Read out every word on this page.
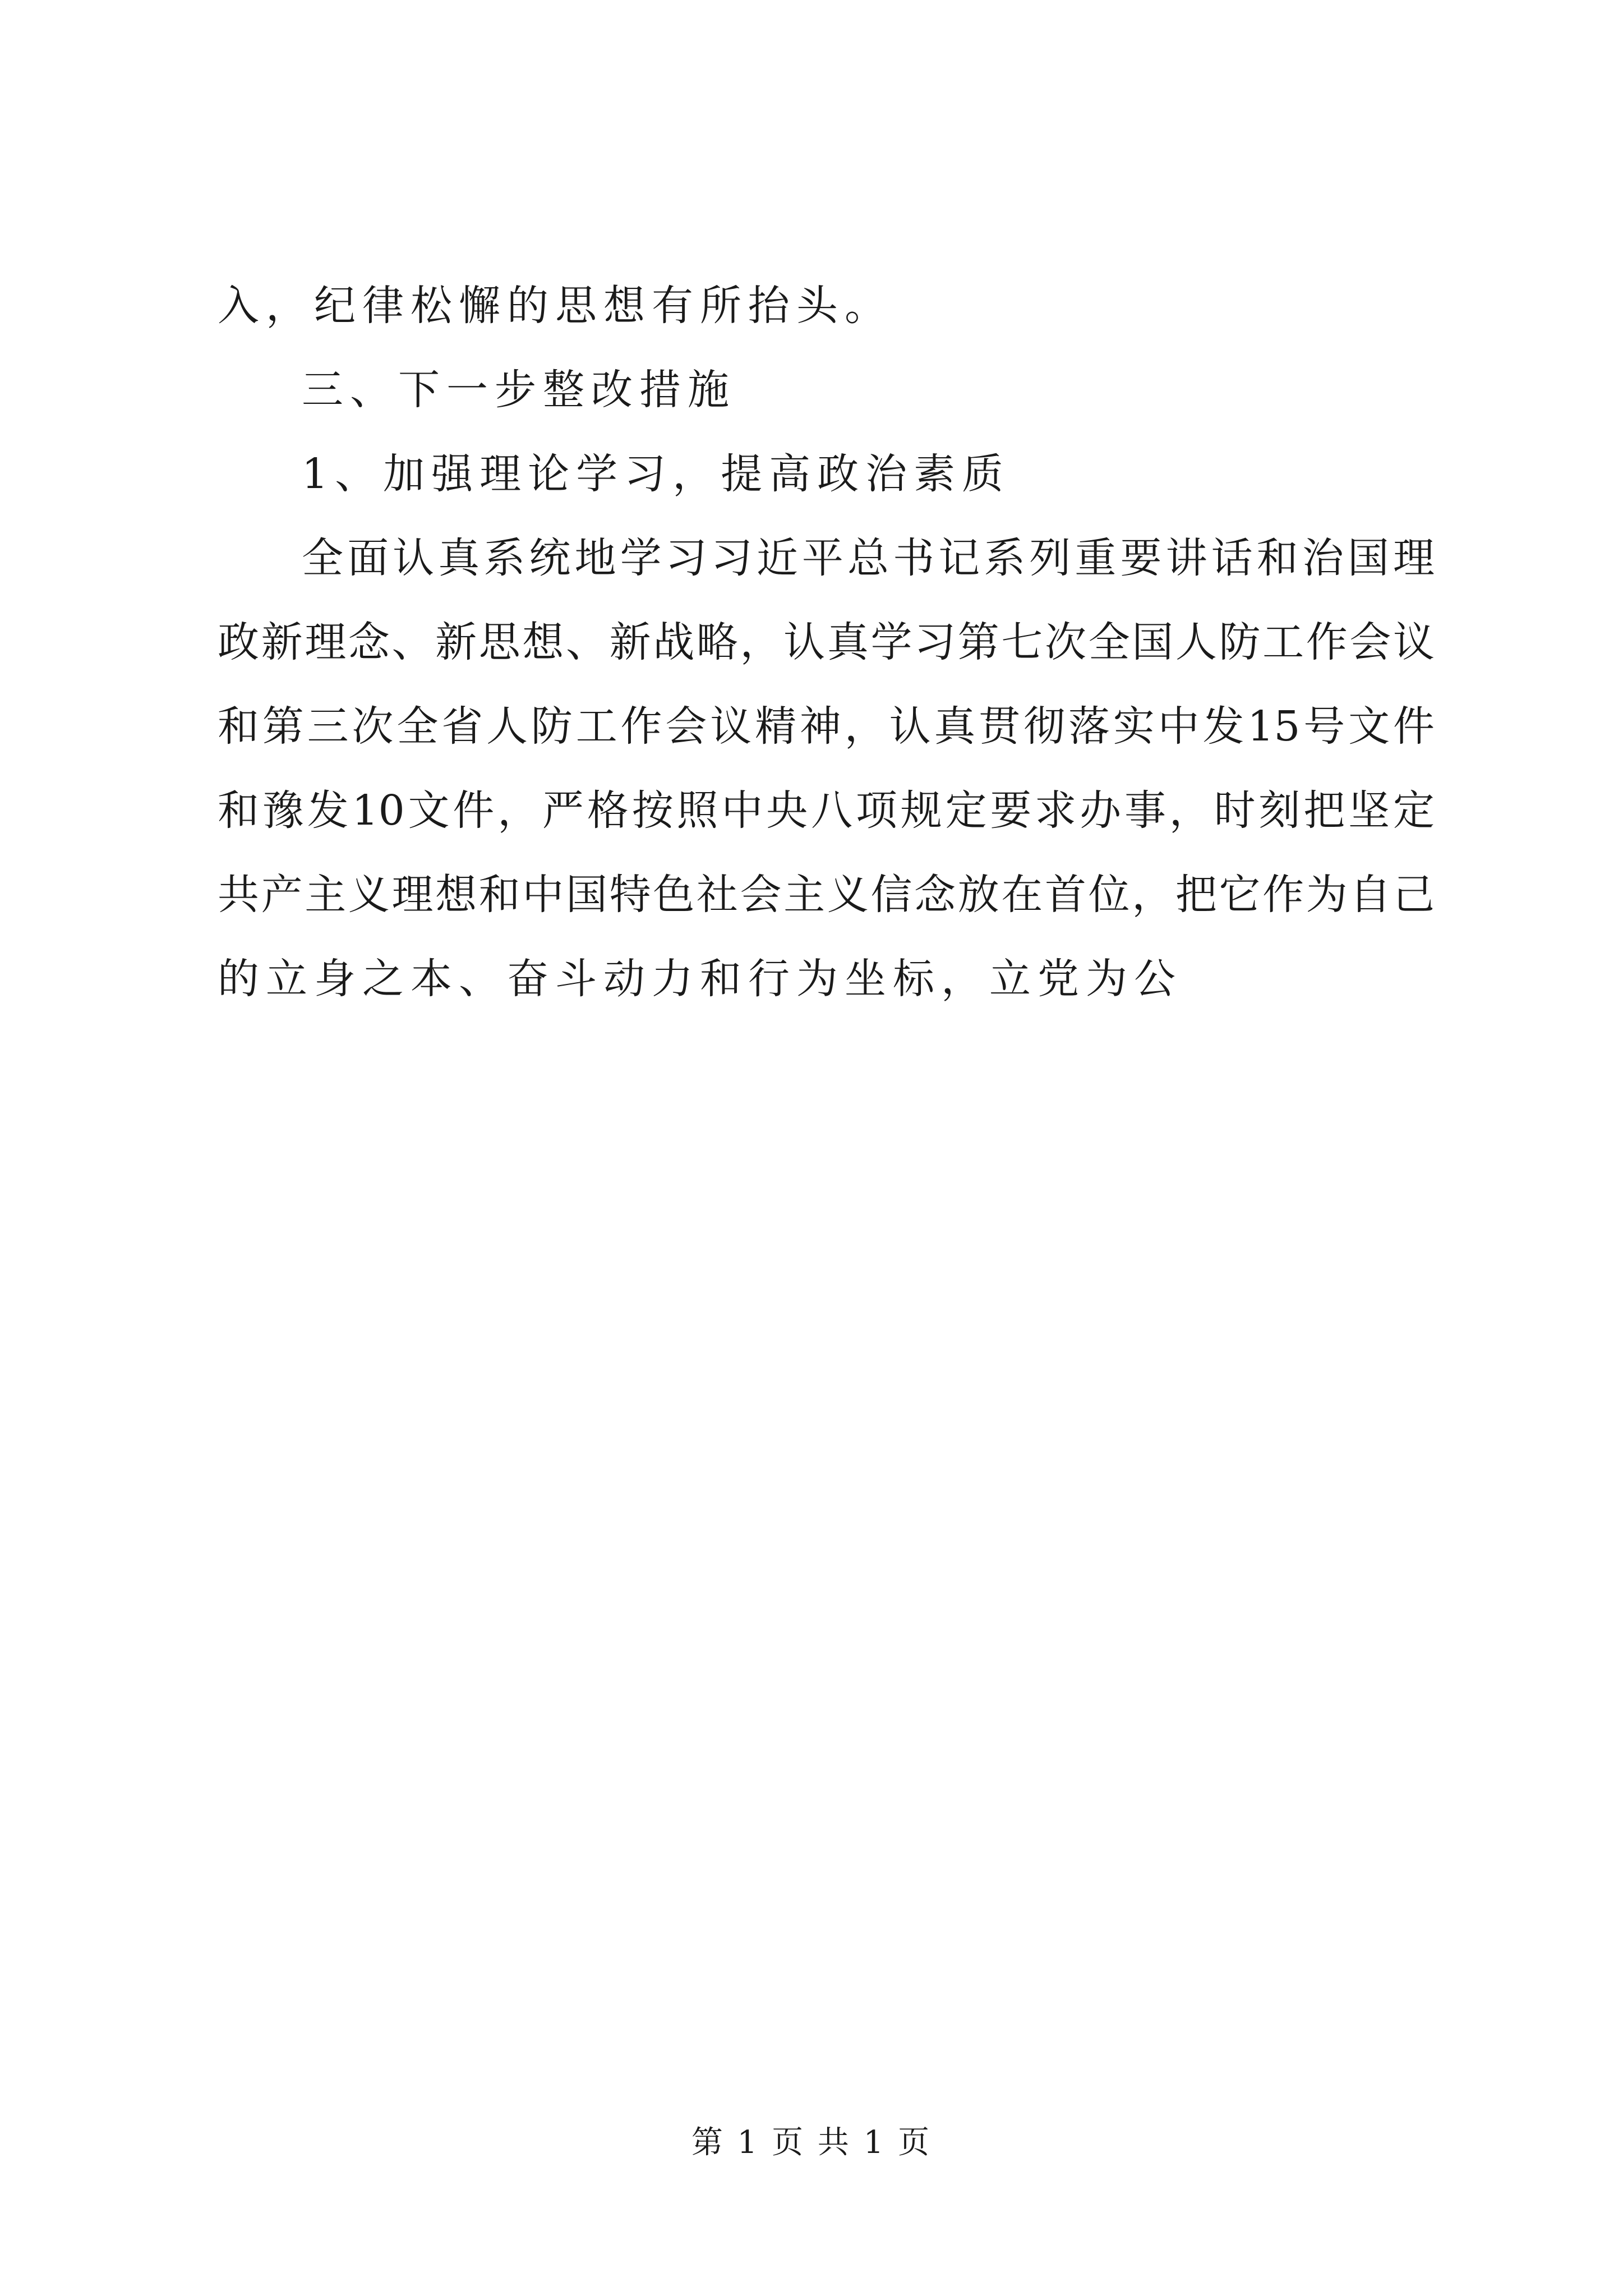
入，纪律松懈的思想有所抬头。

三、下一步整改措施

1、加强理论学习，提高政治素质

全面认真系统地学习习近平总书记系列重要讲话和治国理

政新理念、新思想、新战略，认真学习第七次全国人防工作会议

和第三次全省人防工作会议精神，认真贯彻落实中发15号文件

和豫发10文件，严格按照中央八项规定要求办事，时刻把坚定

共产主义理想和中国特色社会主义信念放在首位，把它作为自己

的立身之本、奋斗动力和行为坐标，立党为公

第 1 页 共 1 页
